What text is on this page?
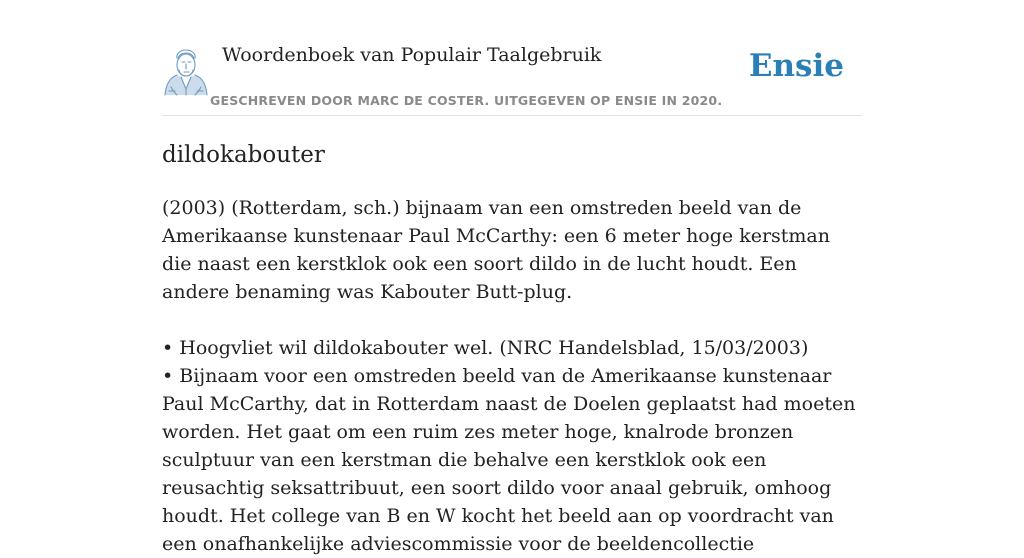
Woordenboek van Populair Taalgebruik
GESCHREVEN DOOR MARC DE COSTER. UITGEGEVEN OP ENSIE IN 2020.
Ensie
dildokabouter

(2003) (Rotterdam, sch.) bijnaam van een omstreden beeld van de Amerikaanse kunstenaar Paul McCarthy: een 6 meter hoge kerstman die naast een kerstklok ook een soort dildo in de lucht houdt. Een andere benaming was Kabouter Butt-plug.

• Hoogvliet wil dildokabouter wel. (NRC Handelsblad, 15/03/2003)

• Bijnaam voor een omstreden beeld van de Amerikaanse kunstenaar Paul McCarthy, dat in Rotterdam naast de Doelen geplaatst had moeten worden. Het gaat om een ruim zes meter hoge, knalrode bronzen sculptuur van een kerstman die behalve een kerstklok ook een reusachtig seksattribuut, een soort dildo voor anaal gebruik, omhoog houdt. Het college van B en W kocht het beeld aan op voordracht van een onafhankelijke adviescommissie voor de beeldencollectie
